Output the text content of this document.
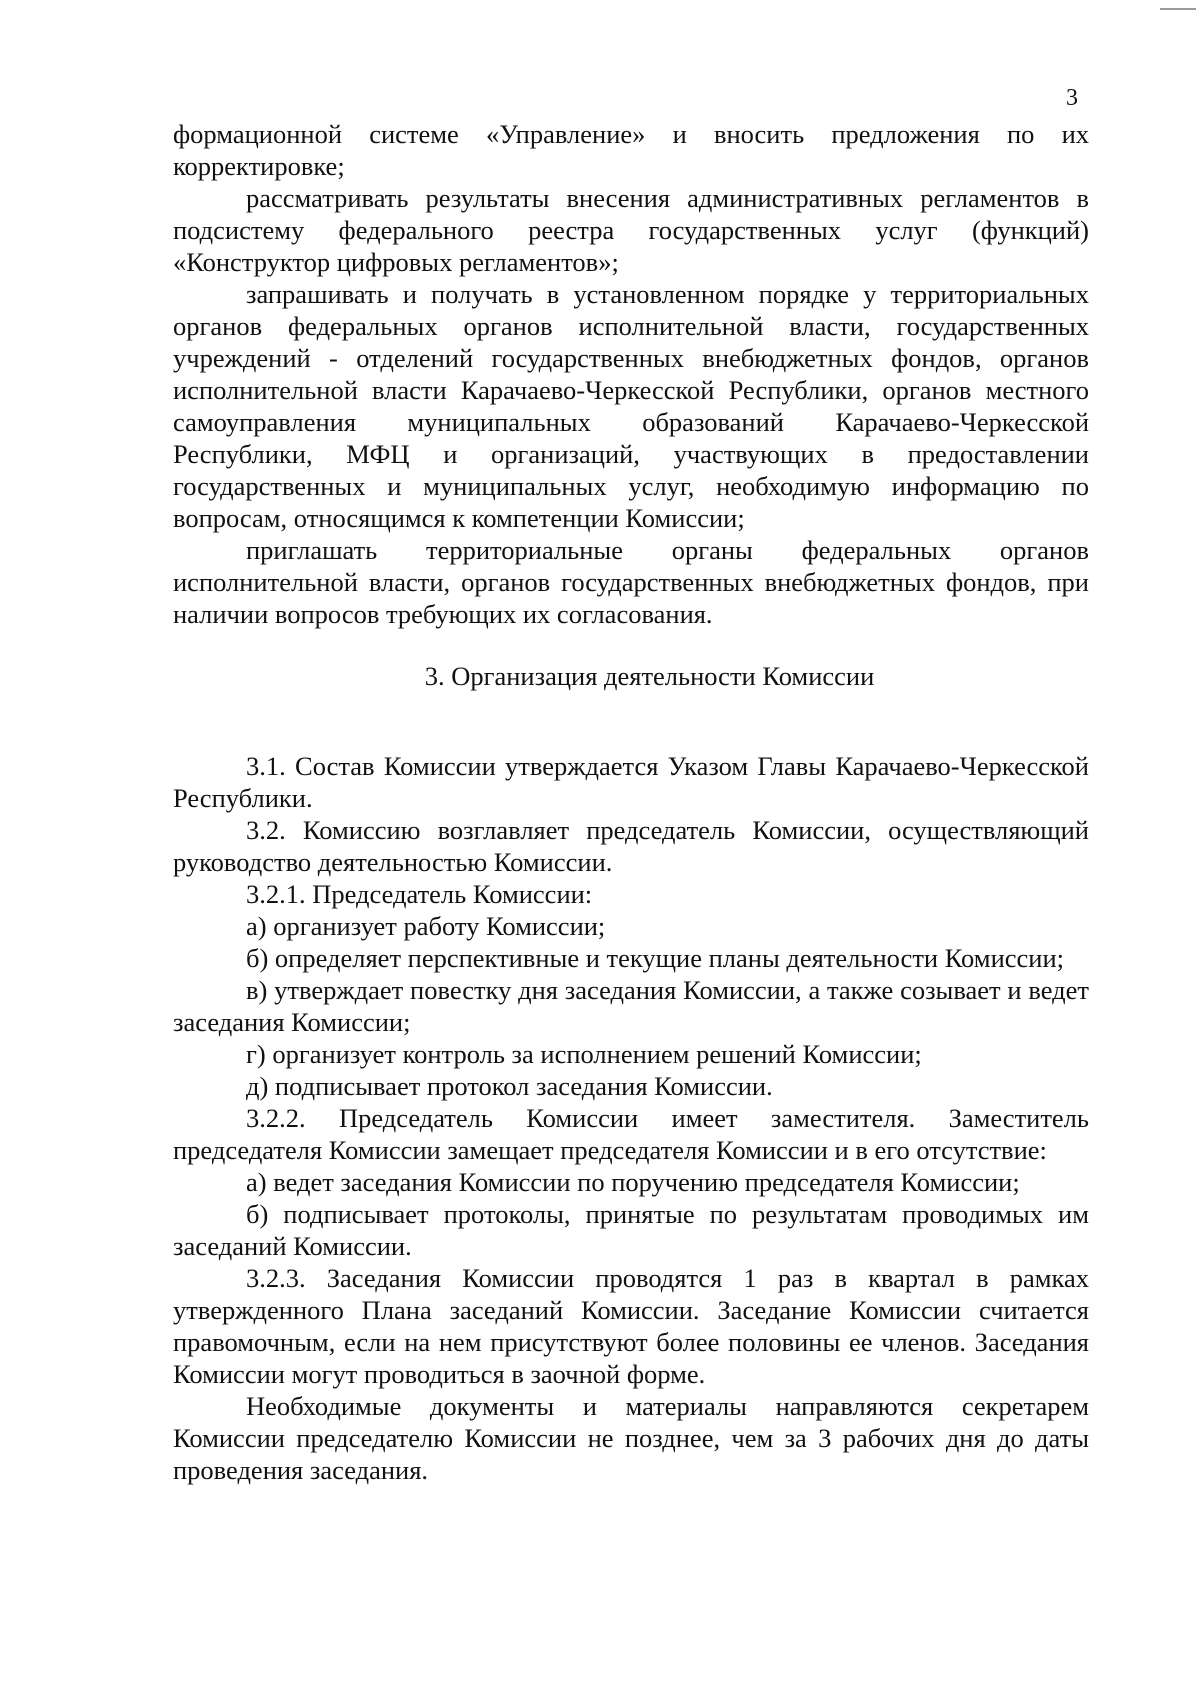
3

формационной системе «Управление» и вносить предложения по их корректировке;

рассматривать результаты внесения административных регламентов в подсистему федерального реестра государственных услуг (функций) «Конструктор цифровых регламентов»;

запрашивать и получать в установленном порядке у территориальных органов федеральных органов исполнительной власти, государственных учреждений - отделений государственных внебюджетных фондов, органов исполнительной власти Карачаево-Черкесской Республики, органов местного самоуправления муниципальных образований Карачаево-Черкесской Республики, МФЦ и организаций, участвующих в предоставлении государственных и муниципальных услуг, необходимую информацию по вопросам, относящимся к компетенции Комиссии;

приглашать территориальные органы федеральных органов исполнительной власти, органов государственных внебюджетных фондов, при наличии вопросов требующих их согласования.

3. Организация деятельности Комиссии

3.1. Состав Комиссии утверждается Указом Главы Карачаево-Черкесской Республики.

3.2. Комиссию возглавляет председатель Комиссии, осуществляющий руководство деятельностью Комиссии.

3.2.1. Председатель Комиссии:

а) организует работу Комиссии;

б) определяет перспективные и текущие планы деятельности Комиссии;

в) утверждает повестку дня заседания Комиссии, а также созывает и ведет заседания Комиссии;

г) организует контроль за исполнением решений Комиссии;

д) подписывает протокол заседания Комиссии.

3.2.2. Председатель Комиссии имеет заместителя. Заместитель председателя Комиссии замещает председателя Комиссии и в его отсутствие:

а) ведет заседания Комиссии по поручению председателя Комиссии;

б) подписывает протоколы, принятые по результатам проводимых им заседаний Комиссии.

3.2.3. Заседания Комиссии проводятся 1 раз в квартал в рамках утвержденного Плана заседаний Комиссии. Заседание Комиссии считается правомочным, если на нем присутствуют более половины ее членов. Заседания Комиссии могут проводиться в заочной форме.

Необходимые документы и материалы направляются секретарем Комиссии председателю Комиссии не позднее, чем за 3 рабочих дня до даты проведения заседания.
